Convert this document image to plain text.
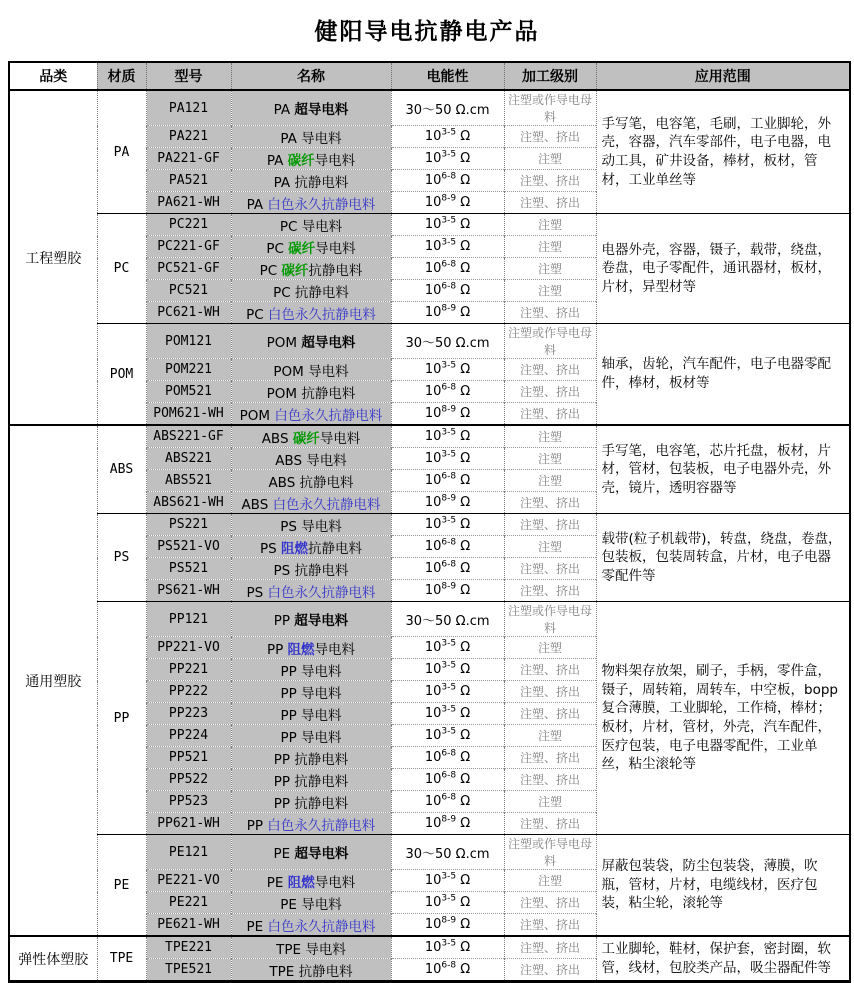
健阳导电抗静电产品
品类	材质	型号	名称	电能性	加工级别	应用范围
工程塑胶	PA	PA121	PA 超导电料	30～50 Ω.cm	注塑或作导电母料	手写笔，电容笔，毛刷，工业脚轮，外壳，容器，汽车零部件，电子电器，电动工具，矿井设备，棒材，板材，管材，工业单丝等
		PA221	PA 导电料	10$^{3-5}$ Ω	注塑、挤出	
		PA221-GF	PA 碳纤导电料	10$^{3-5}$ Ω	注塑	
		PA521	PA 抗静电料	10$^{6-8}$ Ω	注塑、挤出	
		PA621-WH	PA 白色永久抗静电料	10$^{8-9}$ Ω	注塑、挤出	
	PC	PC221	PC 导电料	10$^{3-5}$ Ω	注塑	电器外壳，容器，镊子，载带，绕盘，卷盘，电子零配件，通讯器材，板材，片材，异型材等
		PC221-GF	PC 碳纤导电料	10$^{3-5}$ Ω	注塑	
		PC521-GF	PC 碳纤抗静电料	10$^{6-8}$ Ω	注塑	
		PC521	PC 抗静电料	10$^{6-8}$ Ω	注塑	
		PC621-WH	PC 白色永久抗静电料	10$^{8-9}$ Ω	注塑、挤出	
	POM	POM121	POM 超导电料	30～50 Ω.cm	注塑或作导电母料	轴承，齿轮，汽车配件，电子电器零配件，棒材，板材等
		POM221	POM 导电料	10$^{3-5}$ Ω	注塑、挤出	
		POM521	POM 抗静电料	10$^{6-8}$ Ω	注塑、挤出	
		POM621-WH	POM 白色永久抗静电料	10$^{8-9}$ Ω	注塑、挤出	
通用塑胶	ABS	ABS221-GF	ABS 碳纤导电料	10$^{3-5}$ Ω	注塑	手写笔，电容笔，芯片托盘，板材，片材，管材，包装板，电子电器外壳，外壳，镜片，透明容器等
		ABS221	ABS 导电料	10$^{3-5}$ Ω	注塑	
		ABS521	ABS 抗静电料	10$^{6-8}$ Ω	注塑	
		ABS621-WH	ABS 白色永久抗静电料	10$^{8-9}$ Ω	注塑、挤出	
	PS	PS221	PS 导电料	10$^{3-5}$ Ω	注塑、挤出	载带(粒子机载带)，转盘，绕盘，卷盘，包装板，包装周转盒，片材，电子电器零配件等
		PS521-VO	PS 阻燃抗静电料	10$^{6-8}$ Ω	注塑	
		PS521	PS 抗静电料	10$^{6-8}$ Ω	注塑、挤出	
		PS621-WH	PS 白色永久抗静电料	10$^{8-9}$ Ω	注塑、挤出	
	PP	PP121	PP 超导电料	30～50 Ω.cm	注塑或作导电母料	物料架存放架，刷子，手柄，零件盒，镊子，周转箱，周转车，中空板，bopp复合薄膜，工业脚轮，工作椅，棒材；板材，片材，管材，外壳，汽车配件，医疗包装，电子电器零配件，工业单丝，粘尘滚轮等
		PP221-VO	PP 阻燃导电料	10$^{3-5}$ Ω	注塑	
		PP221	PP 导电料	10$^{3-5}$ Ω	注塑、挤出	
		PP222	PP 导电料	10$^{3-5}$ Ω	注塑、挤出	
		PP223	PP 导电料	10$^{3-5}$ Ω	注塑、挤出	
		PP224	PP 导电料	10$^{3-5}$ Ω	注塑	
		PP521	PP 抗静电料	10$^{6-8}$ Ω	注塑、挤出	
		PP522	PP 抗静电料	10$^{6-8}$ Ω	注塑、挤出	
		PP523	PP 抗静电料	10$^{6-8}$ Ω	注塑	
		PP621-WH	PP 白色永久抗静电料	10$^{8-9}$ Ω	注塑、挤出	
	PE	PE121	PE 超导电料	30～50 Ω.cm	注塑或作导电母料	屏蔽包装袋，防尘包装袋，薄膜，吹瓶，管材，片材，电缆线材，医疗包装，粘尘轮，滚轮等
		PE221-VO	PE 阻燃导电料	10$^{3-5}$ Ω	注塑	
		PE221	PE 导电料	10$^{3-5}$ Ω	注塑、挤出	
		PE621-WH	PE 白色永久抗静电料	10$^{8-9}$ Ω	注塑、挤出	
弹性体塑胶	TPE	TPE221	TPE 导电料	10$^{3-5}$ Ω	注塑、挤出	工业脚轮，鞋材，保护套，密封圈，软管，线材，包胶类产品，吸尘器配件等
		TPE521	TPE 抗静电料	10$^{6-8}$ Ω	注塑、挤出	
